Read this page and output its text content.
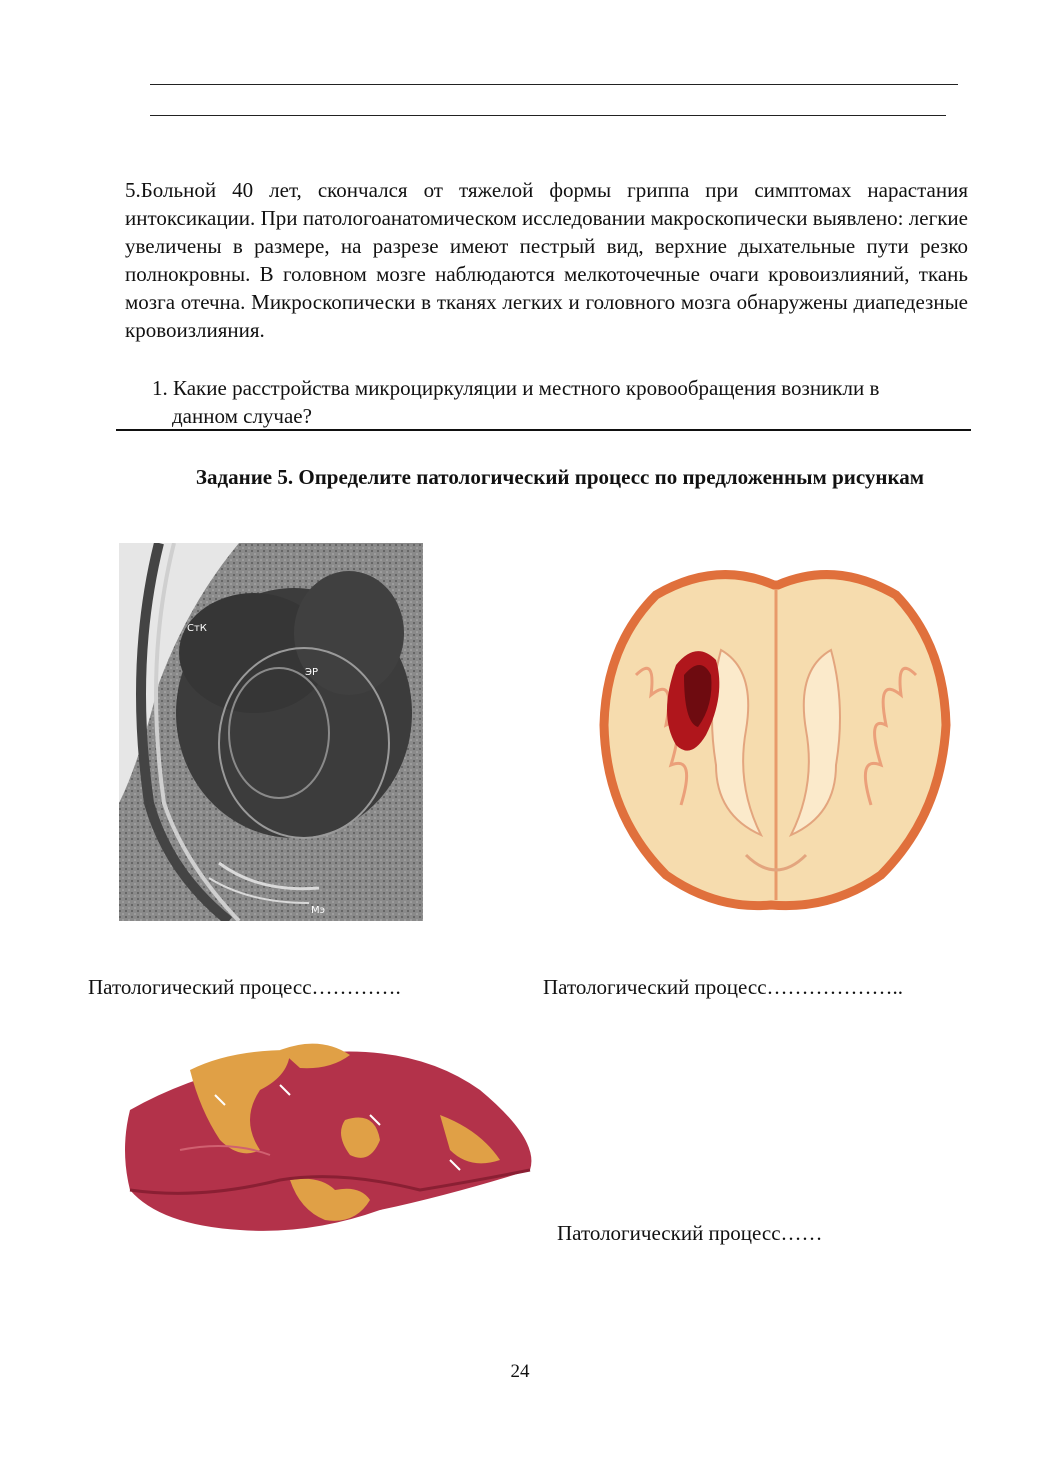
5.Больной 40 лет, скончался от тяжелой формы гриппа при симптомах нарастания интоксикации. При патологоанатомическом исследовании макроскопически выявлено: легкие увеличены в размере, на разрезе имеют пестрый вид, верхние дыхательные пути резко полнокровны. В головном мозге наблюдаются мелкоточечные очаги кровоизлияний, ткань мозга отечна. Микроскопически в тканях легких и головного мозга обнаружены диапедезные кровоизлияния.

1. Какие расстройства микроциркуляции и местного кровообращения возникли в данном случае?
Задание 5. Определите патологический процесс по предложенным рисункам
СтК
ЭР
Мэ
Патологический процесс………….	Патологический процесс………………..
Патологический процесс……
24
